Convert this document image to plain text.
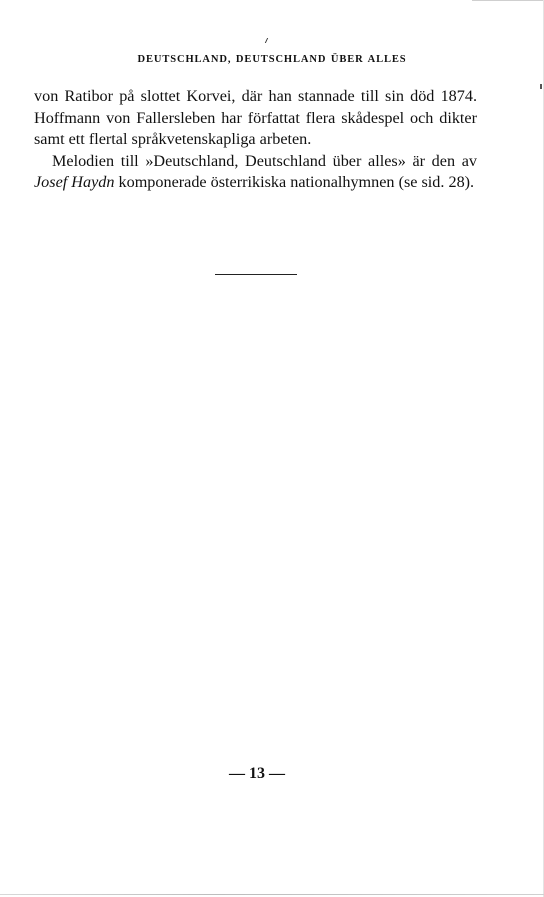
DEUTSCHLAND, DEUTSCHLAND ÜBER ALLES

von Ratibor på slottet Korvei, där han stannade till sin död 1874. Hoffmann von Fallersleben har författat flera skådespel och dikter samt ett flertal språkvetenskapliga arbeten.

Melodien till »Deutschland, Deutschland über alles» är den av Josef Haydn komponerade österrikiska nationalhymnen (se sid. 28).

— 13 —
